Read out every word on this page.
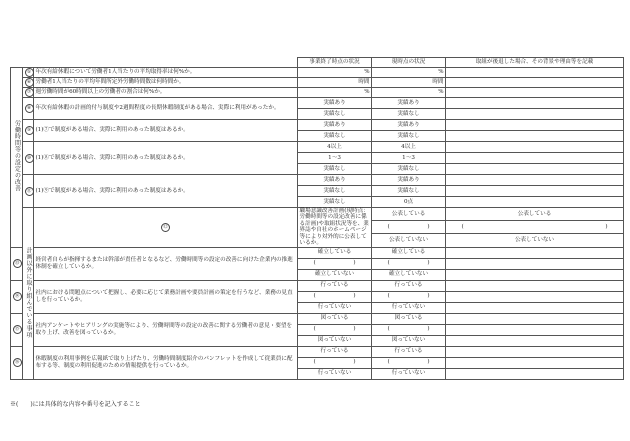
			事業終了時点の状況	現時点の状況	取組が後退した場合、その背景や理由等を記載	
労働時間等の設定の改善	⑤	年次有給休暇について労働者1人当たりの平均取得率は何%か。	%	%		
	⑥	労働者1人当たりの平均年間所定外労働時間数は何時間か。	時間	時間		
	⑦	週労働時間が60時間以上の労働者の割合は何%か。	%	%		
	⑧	年次有給休暇の計画的付与制度や2週間程度の長期休暇制度がある場合、実際に利用があったか。	実績あり	実績あり		
			実績なし	実績なし		
	⑨	(1)⑦で制度がある場合、実際に利用のあった制度はあるか。	実績あり	実績あり		
			実績なし	実績なし		
	⑩	(1)⑧で制度がある場合、実際に利用のあった制度はあるか。	4以上	4以上		
			1～3	1～3		
			実績なし	実績なし		
	⑪	(1)⑨で制度がある場合、実際に利用のあった制度はあるか。	実績あり	実績あり		
			実績なし	実績なし		
			実績なし	0点		
	計画以外に取り組んでいる事項	⑫	職場意識改善計画(現時点：労働時間等の設定改善に係る計画)や取組状況等を、業界誌や自社のホームページ等により対外的に公表しているか。	公表している	公表している	

				( )	( )	

				公表していない	公表していない	
⑬		経営者自らが指揮するまたは幹部が責任者となるなど、労働時間等の設定の改善に向けた企業内の推進体制を確立しているか。	確立している	確立している		

			( )	( )		

			確立していない	確立していない		
⑭		社内における問題点について把握し、必要に応じて業務計画や要員計画の策定を行うなど、業務の見直しを行っているか。	行っている	行っている		

			( )	( )		

			行っていない	行っていない		
⑮		社内アンケートやヒアリングの実施等により、労働時間等の設定の改善に関する労働者の意見・要望を取り上げ、改善を図っているか。	図っている	図っている		

			( )	( )		

			図っていない	図っていない		
⑯		休暇制度の利用事例を広報紙で取り上げたり、労働時間制度紹介のパンフレットを作成して従業員に配布する等、制度の利用促進のための情報提供を行っているか。	行っている	行っている		

			( )	( )		

			行っていない	行っていない		
※(　　)には具体的な内容や番号を記入すること
